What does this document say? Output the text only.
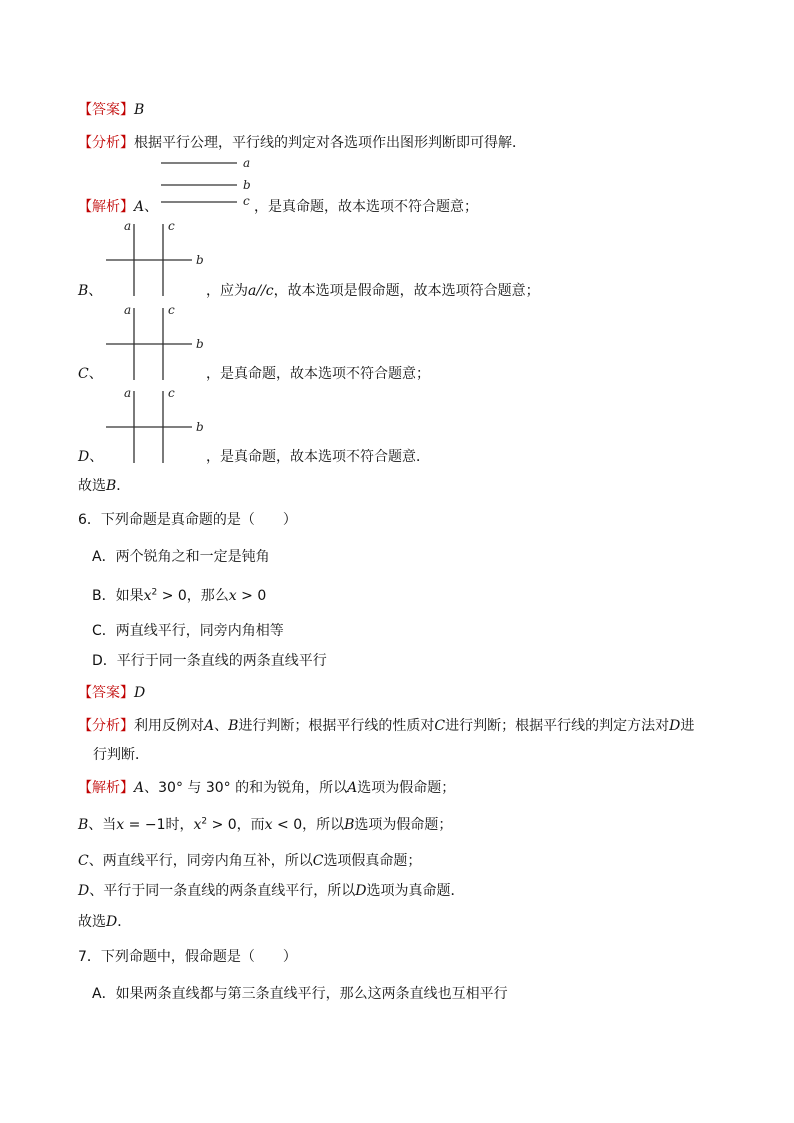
【答案】B
【分析】根据平行公理，平行线的判定对各选项作出图形判断即可得解．
a
b
c
【解析】A、	，是真命题，故本选项不符合题意；
a	c
b
B、	，应为a//c，故本选项是假命题，故本选项符合题意；
a	c
b
C、	，是真命题，故本选项不符合题意；
a	c
b
D、	，是真命题，故本选项不符合题意．
故选B．
6．下列命题是真命题的是（　　）
A．两个锐角之和一定是钝角
B．如果$x^2 > 0$，那么x > 0
C．两直线平行，同旁内角相等
D．平行于同一条直线的两条直线平行
【答案】D
【分析】利用反例对A、B进行判断；根据平行线的性质对C进行判断；根据平行线的判定方法对D进
行判断．
【解析】A、30° 与 30° 的和为锐角，所以A选项为假命题；
B、当x = −1时，$x^2 > 0$，而x < 0，所以B选项为假命题；
C、两直线平行，同旁内角互补，所以C选项假真命题；
D、平行于同一条直线的两条直线平行，所以D选项为真命题．
故选D．
7．下列命题中，假命题是（　　）
A．如果两条直线都与第三条直线平行，那么这两条直线也互相平行
